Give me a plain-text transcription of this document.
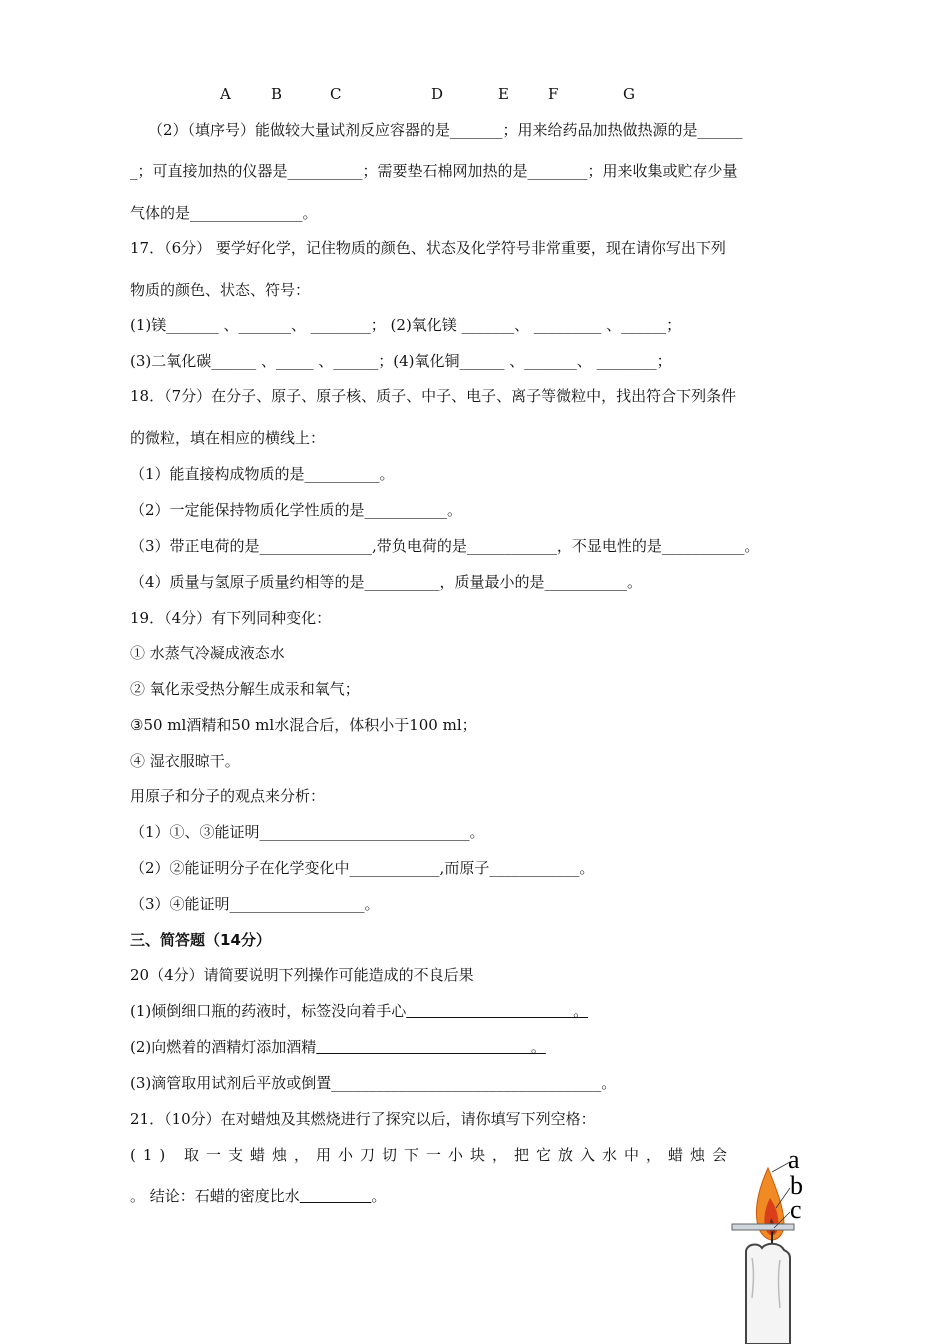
A	B	C	D	E	F	G
（2）（填序号）能做较大量试剂反应容器的是_______；用来给药品加热做热源的是______
_；可直接加热的仪器是__________；需要垫石棉网加热的是________；用来收集或贮存少量
气体的是_______________。
17．（6分） 要学好化学，记住物质的颜色、状态及化学符号非常重要，现在请你写出下列
物质的颜色、状态、符号：
(1)镁_______ 、_______、 ________； (2)氧化镁 _______、 _________ 、______；
(3)二氧化碳______ 、_____ 、______；(4)氧化铜______ 、_______、 ________；
18．（7分）在分子、原子、原子核、质子、中子、电子、离子等微粒中，找出符合下列条件
的微粒，填在相应的横线上：
（1）能直接构成物质的是__________。
（2）一定能保持物质化学性质的是___________。
（3）带正电荷的是_______________,带负电荷的是____________，不显电性的是___________。
（4）质量与氢原子质量约相等的是__________，质量最小的是___________。
19．（4分）有下列同种变化：
① 水蒸气冷凝成液态水
② 氧化汞受热分解生成汞和氧气；
③50 ml酒精和50 ml水混合后，体积小于100 ml；
④ 湿衣服晾干。
用原子和分子的观点来分析：
（1）①、③能证明____________________________。
（2）②能证明分子在化学变化中____________,而原子____________。
（3）④能证明__________________。
三、简答题（14分）
20（4分）请简要说明下列操作可能造成的不良后果
(1)倾倒细口瓶的药液时，标签没向着手心                                   。
(2)向燃着的酒精灯添加酒精                                             。
(3)滴管取用试剂后平放或倒置____________________________________。
21．（10分）在对蜡烛及其燃烧进行了探究以后，请你填写下列空格：
(1) 取一支蜡烛，用小刀切下一小块，把它放入水中，蜡烛会
。 结论：石蜡的密度比水	。
a
b
c
